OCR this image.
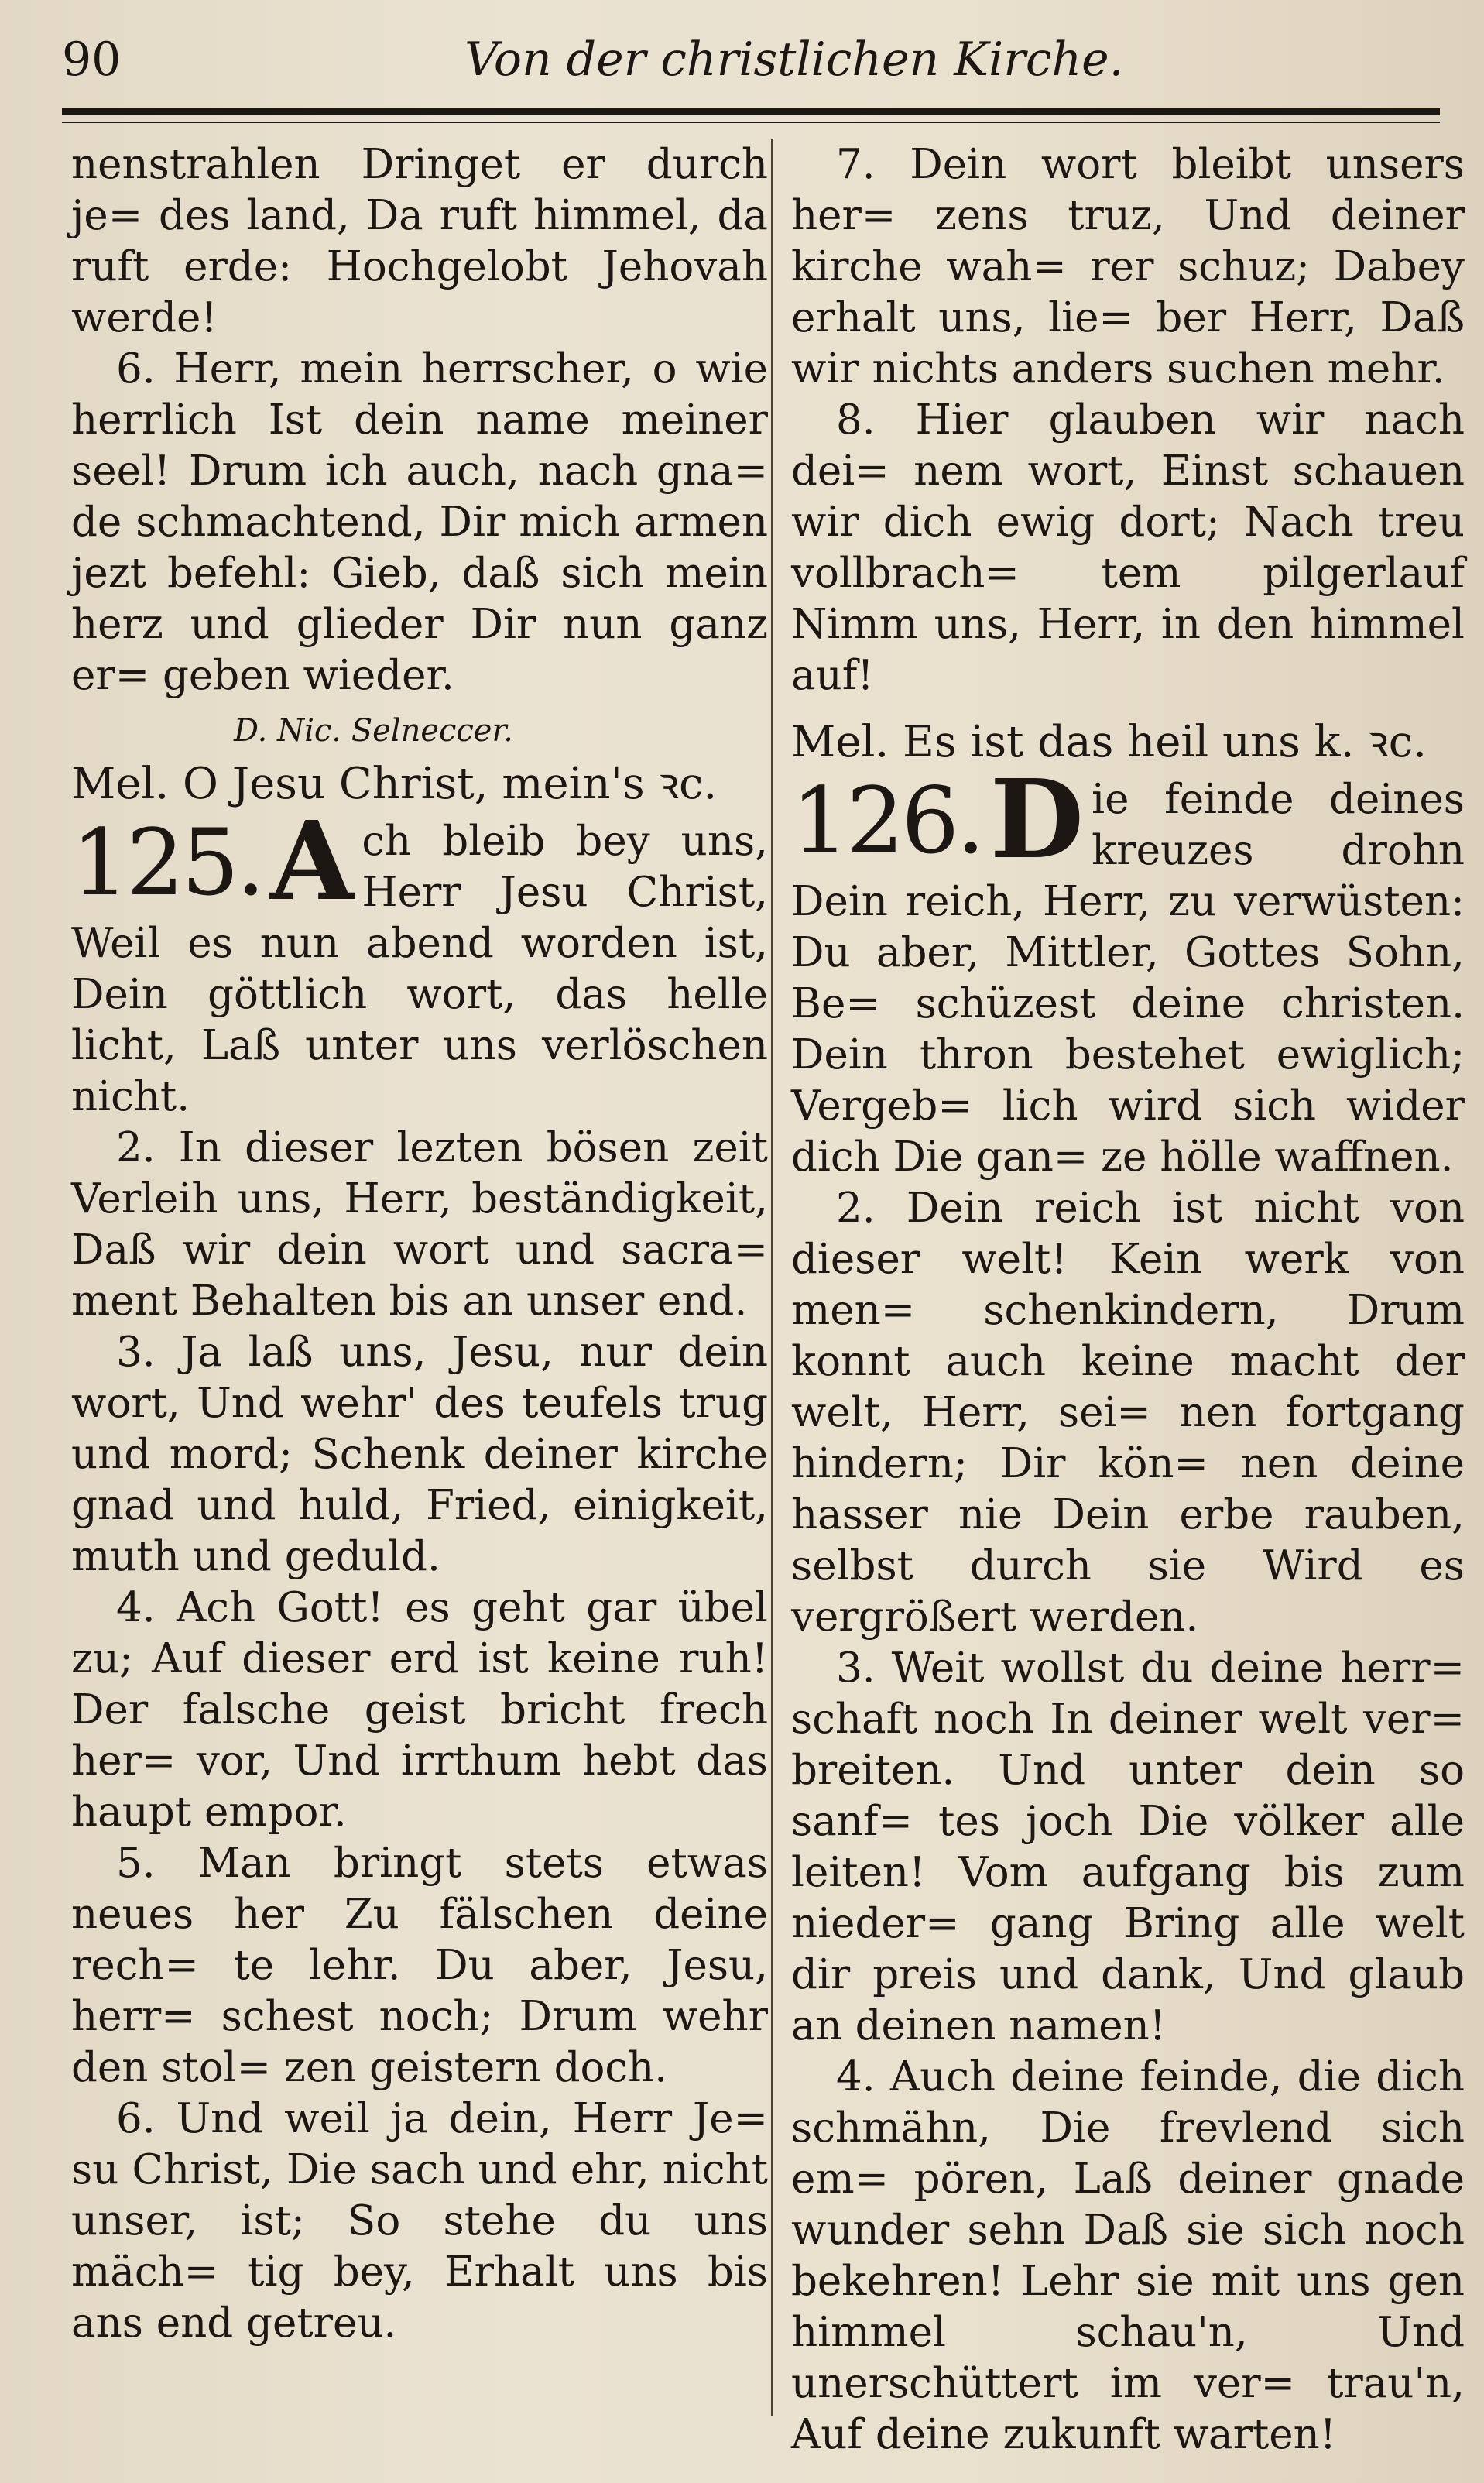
90	Von der christlichen Kirche.

nenstrahlen Dringet er durch je= des land, Da ruft himmel, da ruft erde: Hochgelobt Jehovah werde!

6. Herr, mein herrscher, o wie herrlich Ist dein name meiner seel! Drum ich auch, nach gna= de schmachtend, Dir mich armen jezt befehl: Gieb, daß sich mein herz und glieder Dir nun ganz er= geben wieder.

D. Nic. Selneccer.

Mel. O Jesu Christ, mein's ꝛc.

125. A ch bleib bey uns, Herr Jesu Christ, Weil es nun abend worden ist, Dein göttlich wort, das helle licht, Laß unter uns verlöschen nicht.

2. In dieser lezten bösen zeit Verleih uns, Herr, beständigkeit, Daß wir dein wort und sacra= ment Behalten bis an unser end.

3. Ja laß uns, Jesu, nur dein wort, Und wehr' des teufels trug und mord; Schenk deiner kirche gnad und huld, Fried, einigkeit, muth und geduld.

4. Ach Gott! es geht gar übel zu; Auf dieser erd ist keine ruh! Der falsche geist bricht frech her= vor, Und irrthum hebt das haupt empor.

5. Man bringt stets etwas neues her Zu fälschen deine rech= te lehr. Du aber, Jesu, herr= schest noch; Drum wehr den stol= zen geistern doch.

6. Und weil ja dein, Herr Je= su Christ, Die sach und ehr, nicht unser, ist; So stehe du uns mäch= tig bey, Erhalt uns bis ans end getreu.

7. Dein wort bleibt unsers her= zens truz, Und deiner kirche wah= rer schuz; Dabey erhalt uns, lie= ber Herr, Daß wir nichts anders suchen mehr.

8. Hier glauben wir nach dei= nem wort, Einst schauen wir dich ewig dort; Nach treu vollbrach= tem pilgerlauf Nimm uns, Herr, in den himmel auf!

Mel. Es ist das heil uns k. ꝛc.

126. D ie feinde deines kreuzes drohn Dein reich, Herr, zu verwüsten: Du aber, Mittler, Gottes Sohn, Be= schüzest deine christen. Dein thron bestehet ewiglich; Vergeb= lich wird sich wider dich Die gan= ze hölle waffnen.

2. Dein reich ist nicht von dieser welt! Kein werk von men= schenkindern, Drum konnt auch keine macht der welt, Herr, sei= nen fortgang hindern; Dir kön= nen deine hasser nie Dein erbe rauben, selbst durch sie Wird es vergrößert werden.

3. Weit wollst du deine herr= schaft noch In deiner welt ver= breiten. Und unter dein so sanf= tes joch Die völker alle leiten! Vom aufgang bis zum nieder= gang Bring alle welt dir preis und dank, Und glaub an deinen namen!

4. Auch deine feinde, die dich schmähn, Die frevlend sich em= pören, Laß deiner gnade wunder sehn Daß sie sich noch bekehren! Lehr sie mit uns gen himmel schau'n, Und unerschüttert im ver= trau'n, Auf deine zukunft warten!
